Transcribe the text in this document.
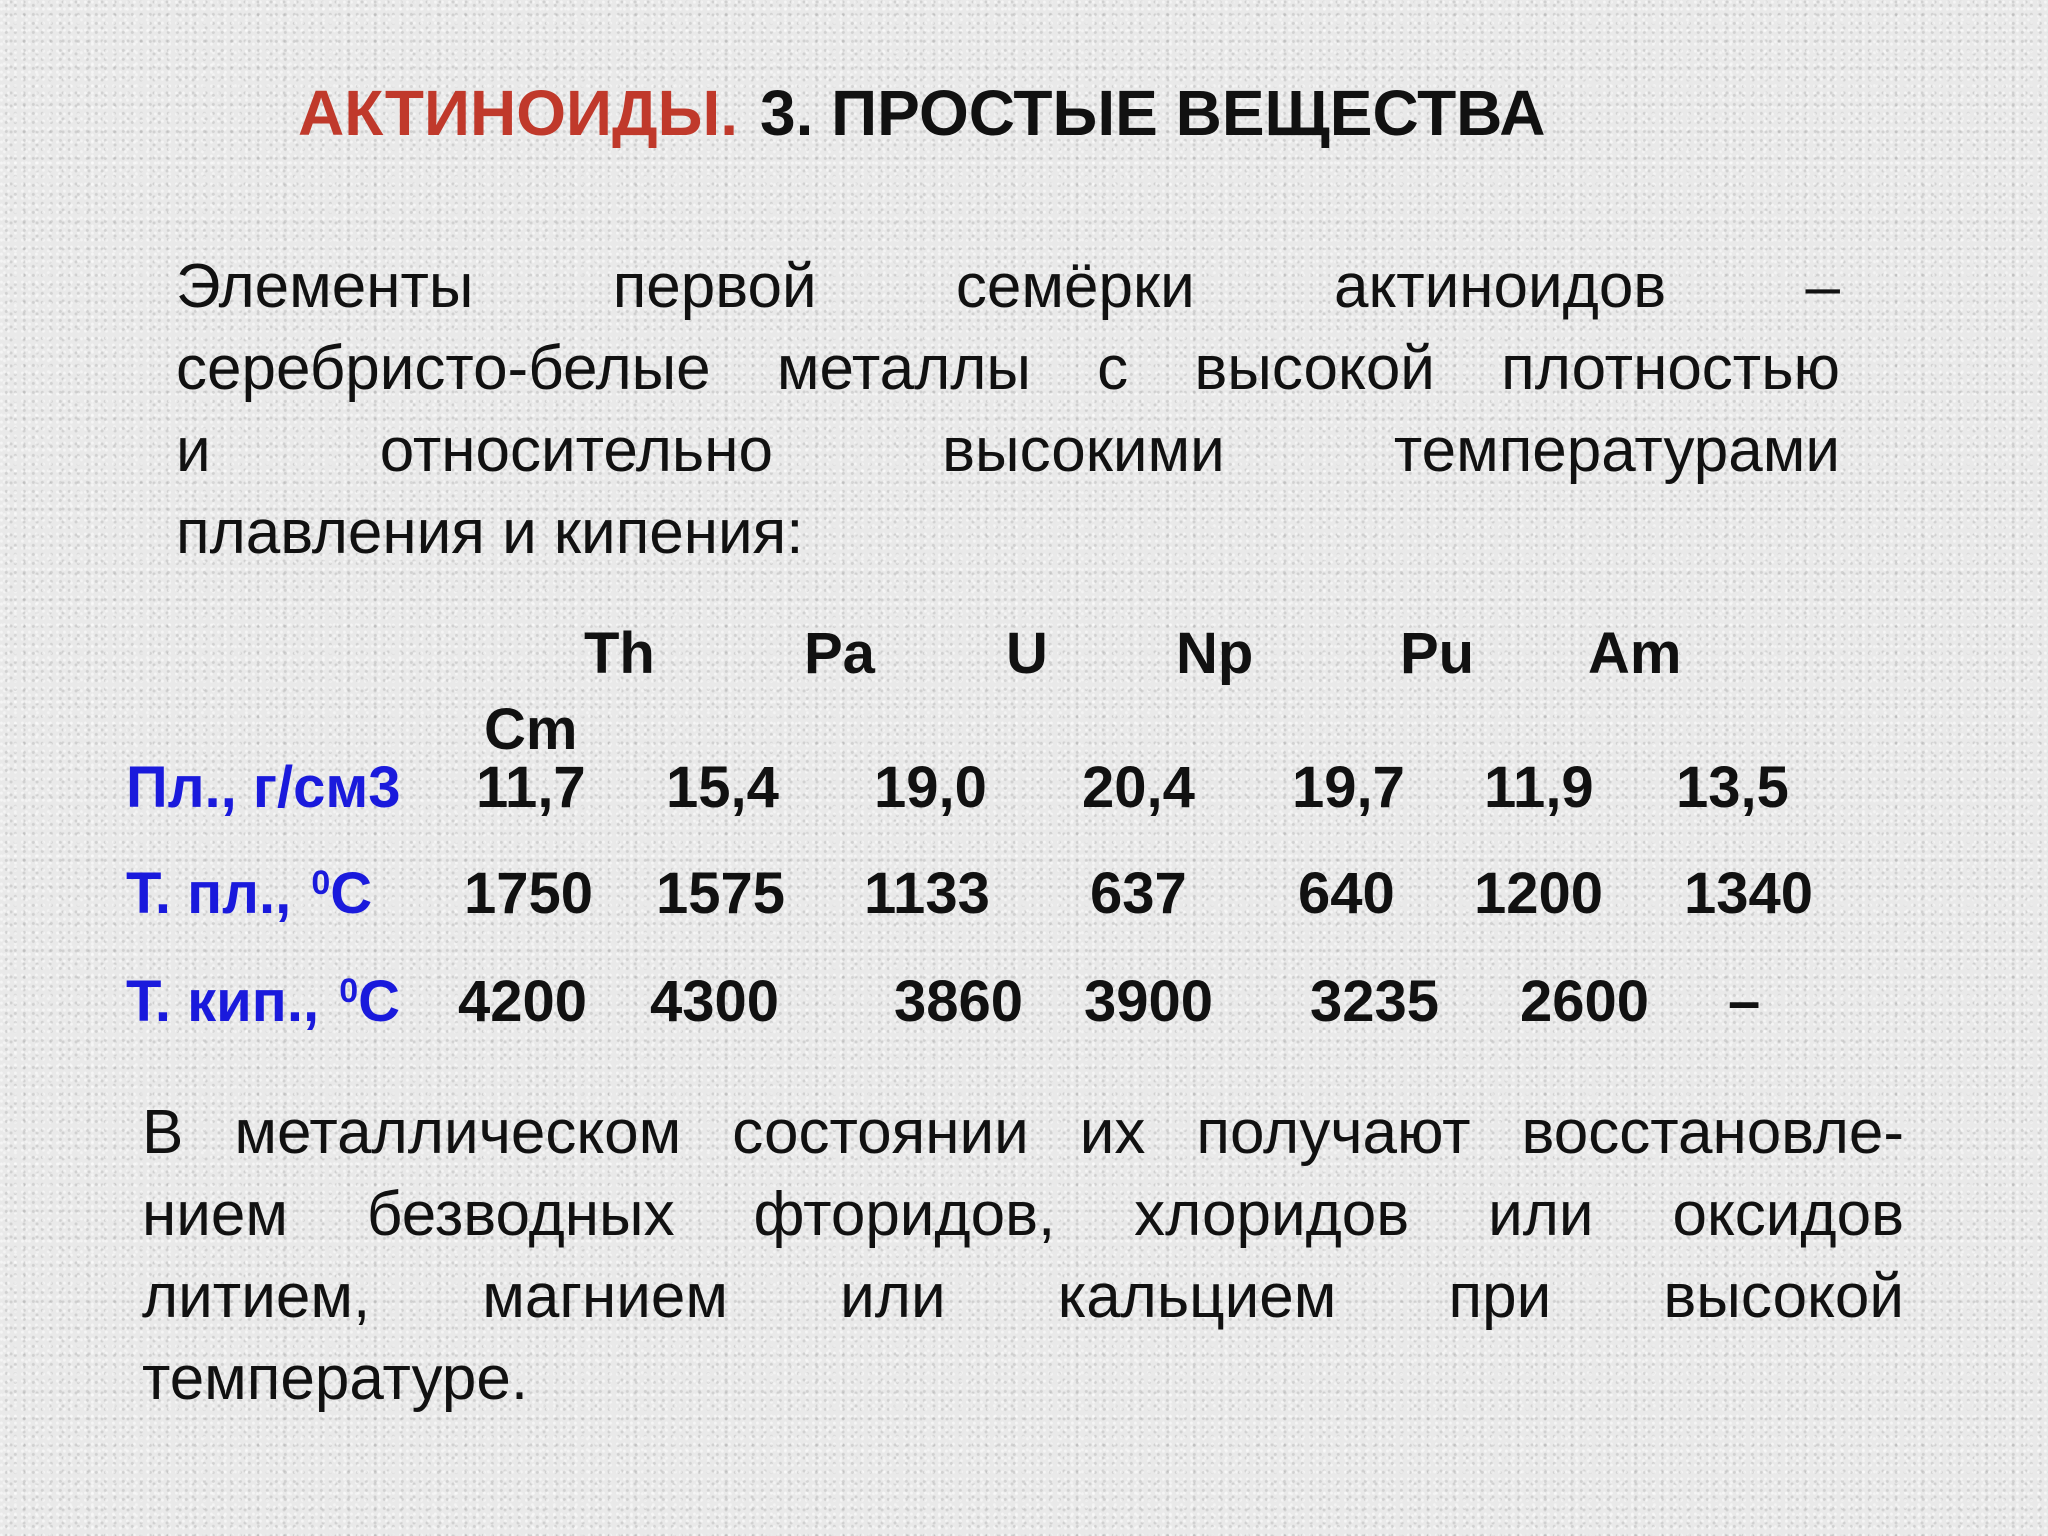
АКТИНОИДЫ. 3. ПРОСТЫЕ ВЕЩЕСТВА
Элементы первой семёрки актиноидов –
серебристо-белые металлы с высокой плотностью
и относительно высокими температурами
плавления и кипения:
Th	Pa U Np	Pu Am
Cm
Пл., г/см3 11,7 15,4 19,0 20,4 19,7 11,9 13,5
Т. пл., $^0$С 1750 1575 1133 637 640 1200 1340
Т. кип., $^0$С 4200 4300 3860 3900 3235 2600 –
В металлическом состоянии их получают восстановле-
нием безводных фторидов, хлоридов или оксидов
литием, магнием или кальцием при высокой
температуре.
